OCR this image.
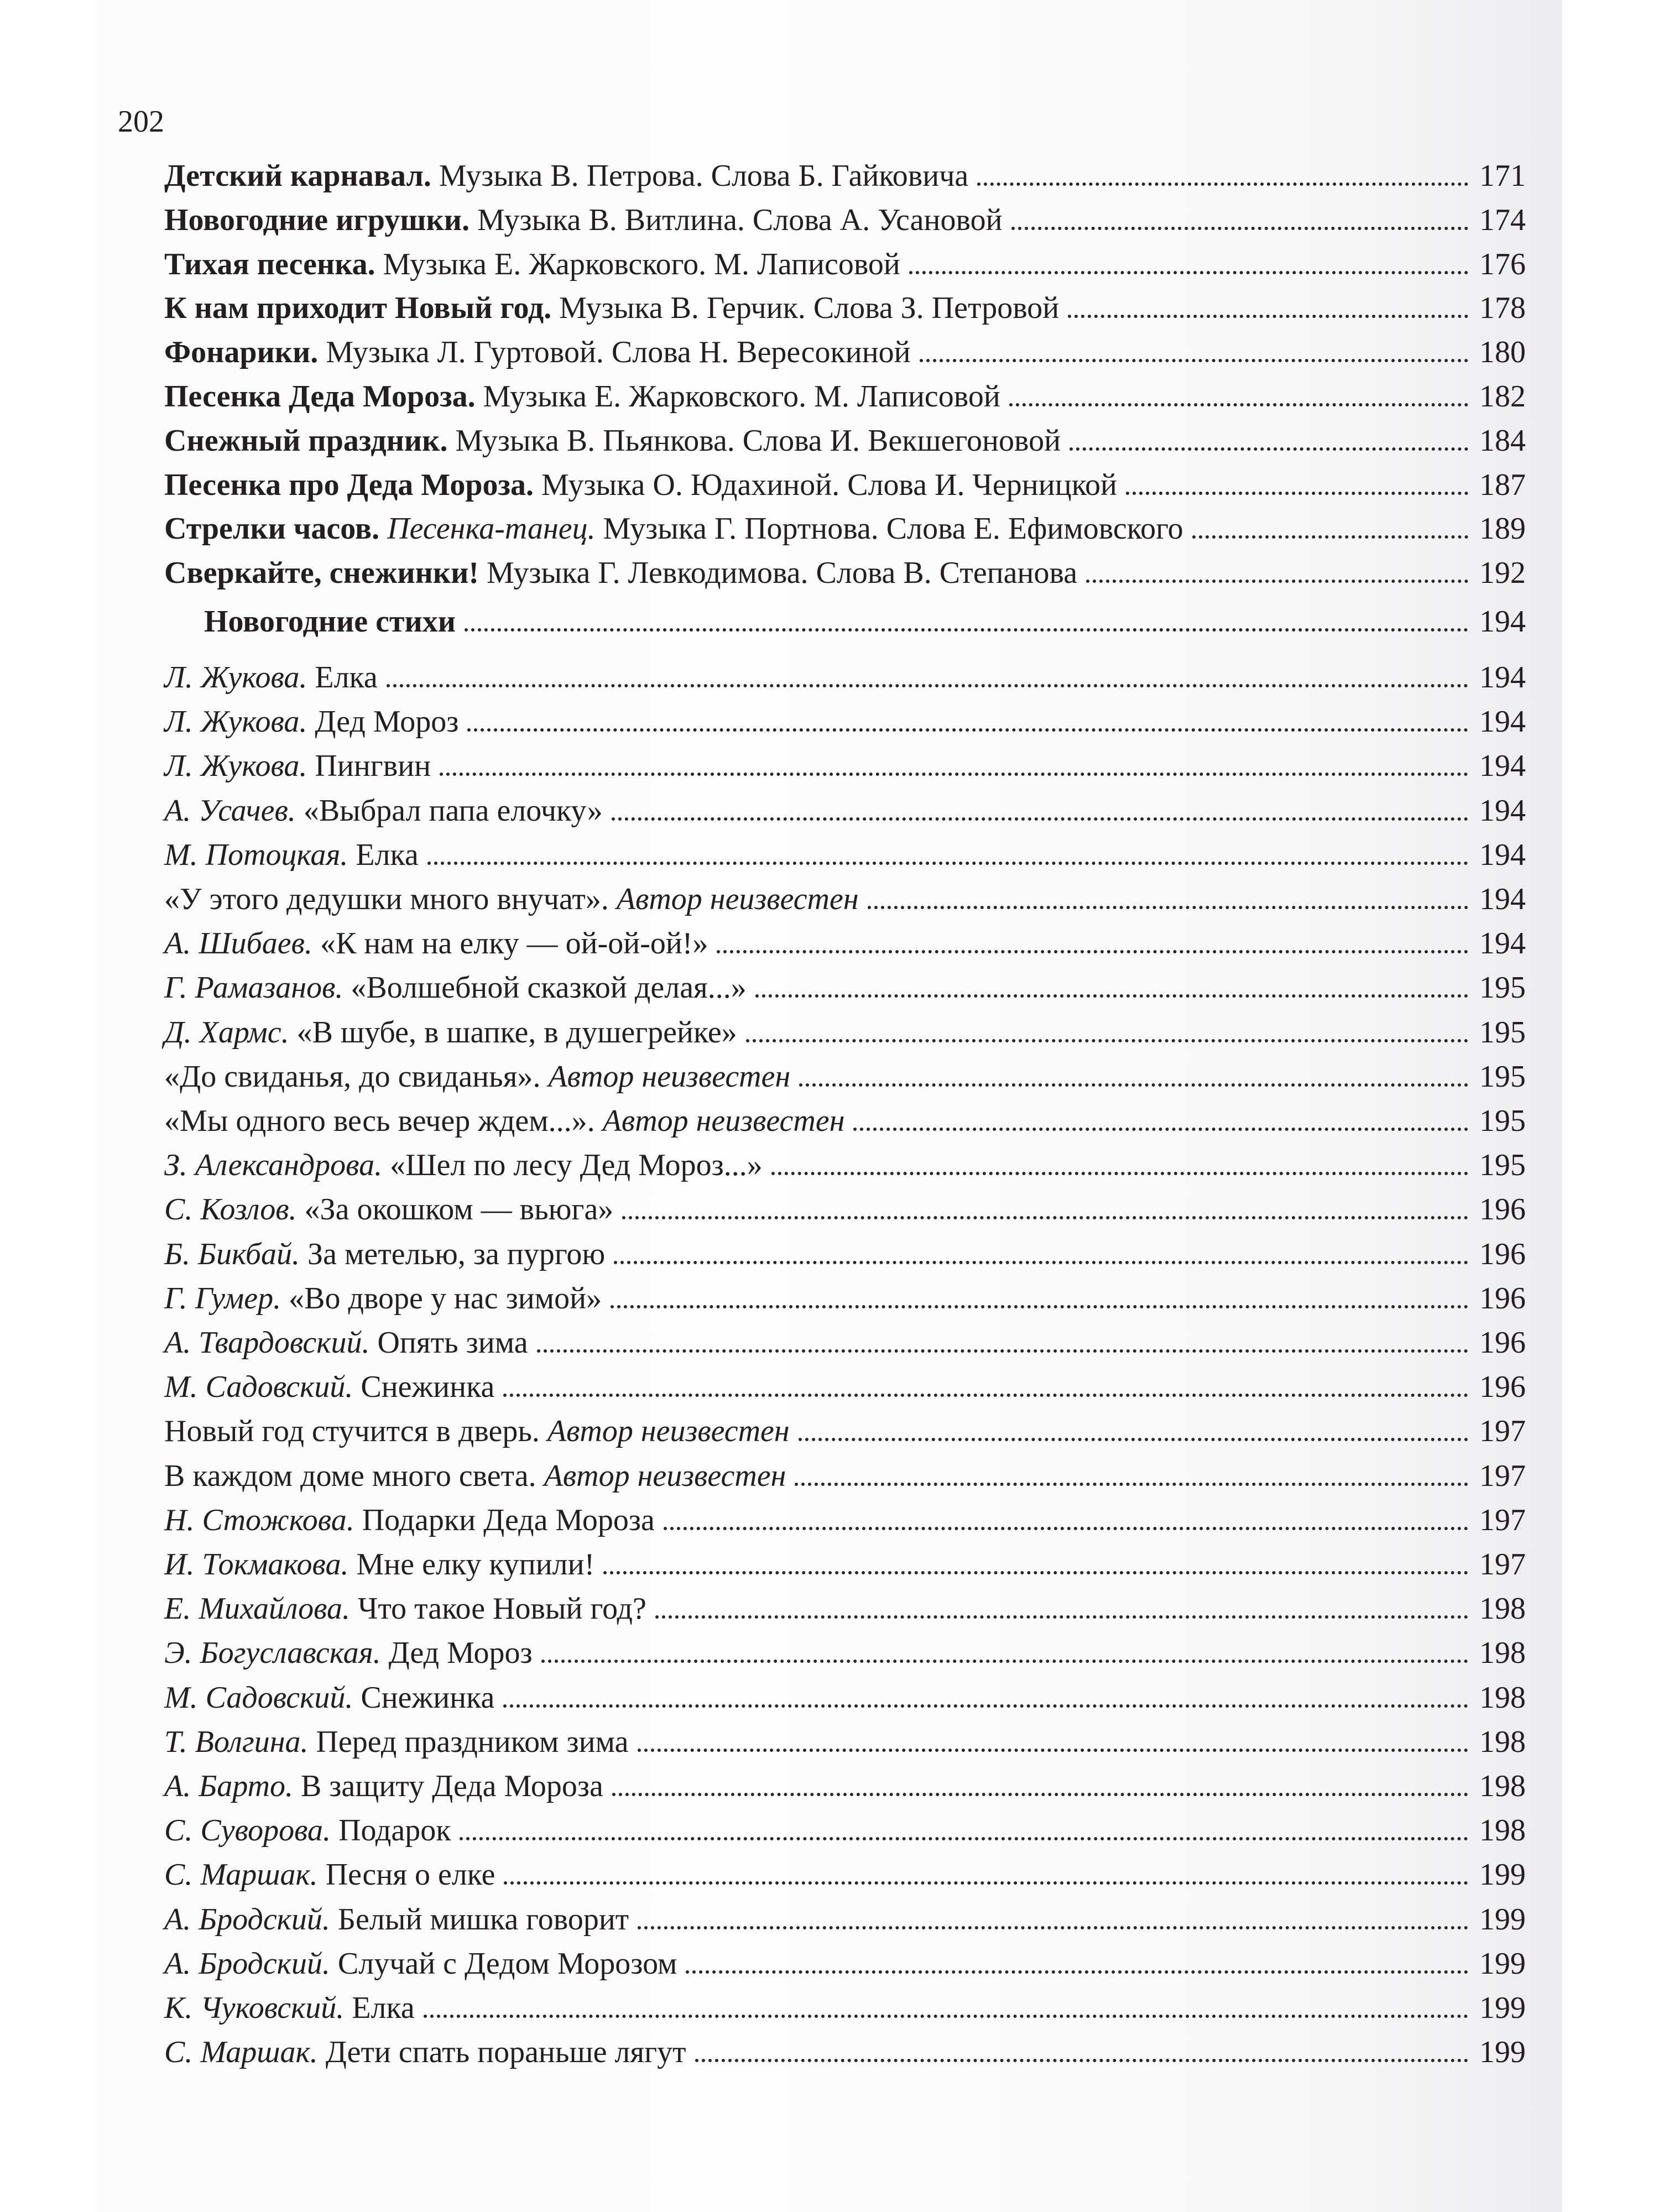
202
Детский карнавал. Музыка В. Петрова. Слова Б. Гайковича	171
Новогодние игрушки. Музыка В. Витлина. Слова А. Усановой	174
Тихая песенка. Музыка Е. Жарковского. М. Лаписовой	176
К нам приходит Новый год. Музыка В. Герчик. Слова З. Петровой	178
Фонарики. Музыка Л. Гуртовой. Слова Н. Вересокиной	180
Песенка Деда Мороза. Музыка Е. Жарковского. М. Лаписовой	182
Снежный праздник. Музыка В. Пьянкова. Слова И. Векшегоновой	184
Песенка про Деда Мороза. Музыка О. Юдахиной. Слова И. Черницкой	187
Стрелки часов. Песенка-танец. Музыка Г. Портнова. Слова Е. Ефимовского	189
Сверкайте, снежинки! Музыка Г. Левкодимова. Слова В. Степанова	192
Новогодние стихи	194
Л. Жукова. Елка	194
Л. Жукова. Дед Мороз	194
Л. Жукова. Пингвин	194
А. Усачев. «Выбрал папа елочку»	194
М. Потоцкая. Елка	194
«У этого дедушки много внучат». Автор неизвестен	194
А. Шибаев. «К нам на елку — ой-ой-ой!»	194
Г. Рамазанов. «Волшебной сказкой делая...»	195
Д. Хармс. «В шубе, в шапке, в душегрейке»	195
«До свиданья, до свиданья». Автор неизвестен	195
«Мы одного весь вечер ждем...». Автор неизвестен	195
З. Александрова. «Шел по лесу Дед Мороз...»	195
С. Козлов. «За окошком — вьюга»	196
Б. Бикбай. За метелью, за пургою	196
Г. Гумер. «Во дворе у нас зимой»	196
А. Твардовский. Опять зима	196
М. Садовский. Снежинка	196
Новый год стучится в дверь. Автор неизвестен	197
В каждом доме много света. Автор неизвестен	197
Н. Стожкова. Подарки Деда Мороза	197
И. Токмакова. Мне елку купили!	197
Е. Михайлова. Что такое Новый год?	198
Э. Богуславская. Дед Мороз	198
М. Садовский. Снежинка	198
Т. Волгина. Перед праздником зима	198
А. Барто. В защиту Деда Мороза	198
С. Суворова. Подарок	198
С. Маршак. Песня о елке	199
А. Бродский. Белый мишка говорит	199
А. Бродский. Случай с Дедом Морозом	199
К. Чуковский. Елка	199
С. Маршак. Дети спать пораньше лягут	199
